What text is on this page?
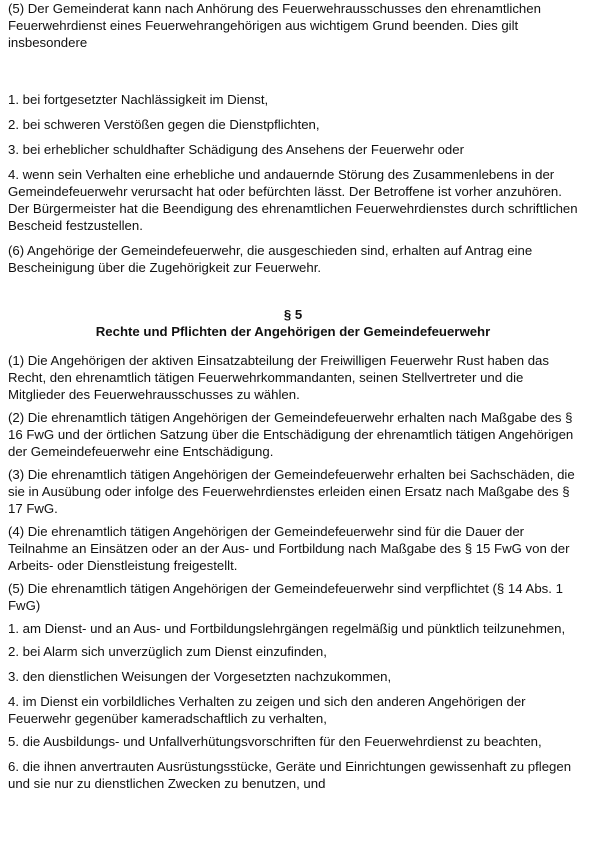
(5) Der Gemeinderat kann nach Anhörung des Feuerwehrausschusses den ehrenamtlichen Feuerwehrdienst eines Feuerwehrangehörigen aus wichtigem Grund beenden. Dies gilt insbesondere

1. bei fortgesetzter Nachlässigkeit im Dienst,

2. bei schweren Verstößen gegen die Dienstpflichten,

3. bei erheblicher schuldhafter Schädigung des Ansehens der Feuerwehr oder

4. wenn sein Verhalten eine erhebliche und andauernde Störung des Zusammenlebens in der Gemeindefeuerwehr verursacht hat oder befürchten lässt. Der Betroffene ist vorher anzuhören. Der Bürgermeister hat die Beendigung des ehrenamtlichen Feuerwehrdienstes durch schriftlichen Bescheid festzustellen.

(6) Angehörige der Gemeindefeuerwehr, die ausgeschieden sind, erhalten auf Antrag eine Bescheinigung über die Zugehörigkeit zur Feuerwehr.

§ 5

Rechte und Pflichten der Angehörigen der Gemeindefeuerwehr

(1) Die Angehörigen der aktiven Einsatzabteilung der Freiwilligen Feuerwehr Rust haben das Recht, den ehrenamtlich tätigen Feuerwehrkommandanten, seinen Stellvertreter und die Mitglieder des Feuerwehrausschusses zu wählen.

(2) Die ehrenamtlich tätigen Angehörigen der Gemeindefeuerwehr erhalten nach Maßgabe des § 16 FwG und der örtlichen Satzung über die Entschädigung der ehrenamtlich tätigen Angehörigen der Gemeindefeuerwehr eine Entschädigung.

(3) Die ehrenamtlich tätigen Angehörigen der Gemeindefeuerwehr erhalten bei Sachschäden, die sie in Ausübung oder infolge des Feuerwehrdienstes erleiden einen Ersatz nach Maßgabe des § 17 FwG.

(4) Die ehrenamtlich tätigen Angehörigen der Gemeindefeuerwehr sind für die Dauer der Teilnahme an Einsätzen oder an der Aus- und Fortbildung nach Maßgabe des § 15 FwG von der Arbeits- oder Dienstleistung freigestellt.

(5) Die ehrenamtlich tätigen Angehörigen der Gemeindefeuerwehr sind verpflichtet (§ 14 Abs. 1 FwG)

1. am Dienst- und an Aus- und Fortbildungslehrgängen regelmäßig und pünktlich teilzunehmen,

2. bei Alarm sich unverzüglich zum Dienst einzufinden,

3. den dienstlichen Weisungen der Vorgesetzten nachzukommen,

4. im Dienst ein vorbildliches Verhalten zu zeigen und sich den anderen Angehörigen der Feuerwehr gegenüber kameradschaftlich zu verhalten,

5. die Ausbildungs- und Unfallverhütungsvorschriften für den Feuerwehrdienst zu beachten,

6. die ihnen anvertrauten Ausrüstungsstücke, Geräte und Einrichtungen gewissenhaft zu pflegen und sie nur zu dienstlichen Zwecken zu benutzen, und
